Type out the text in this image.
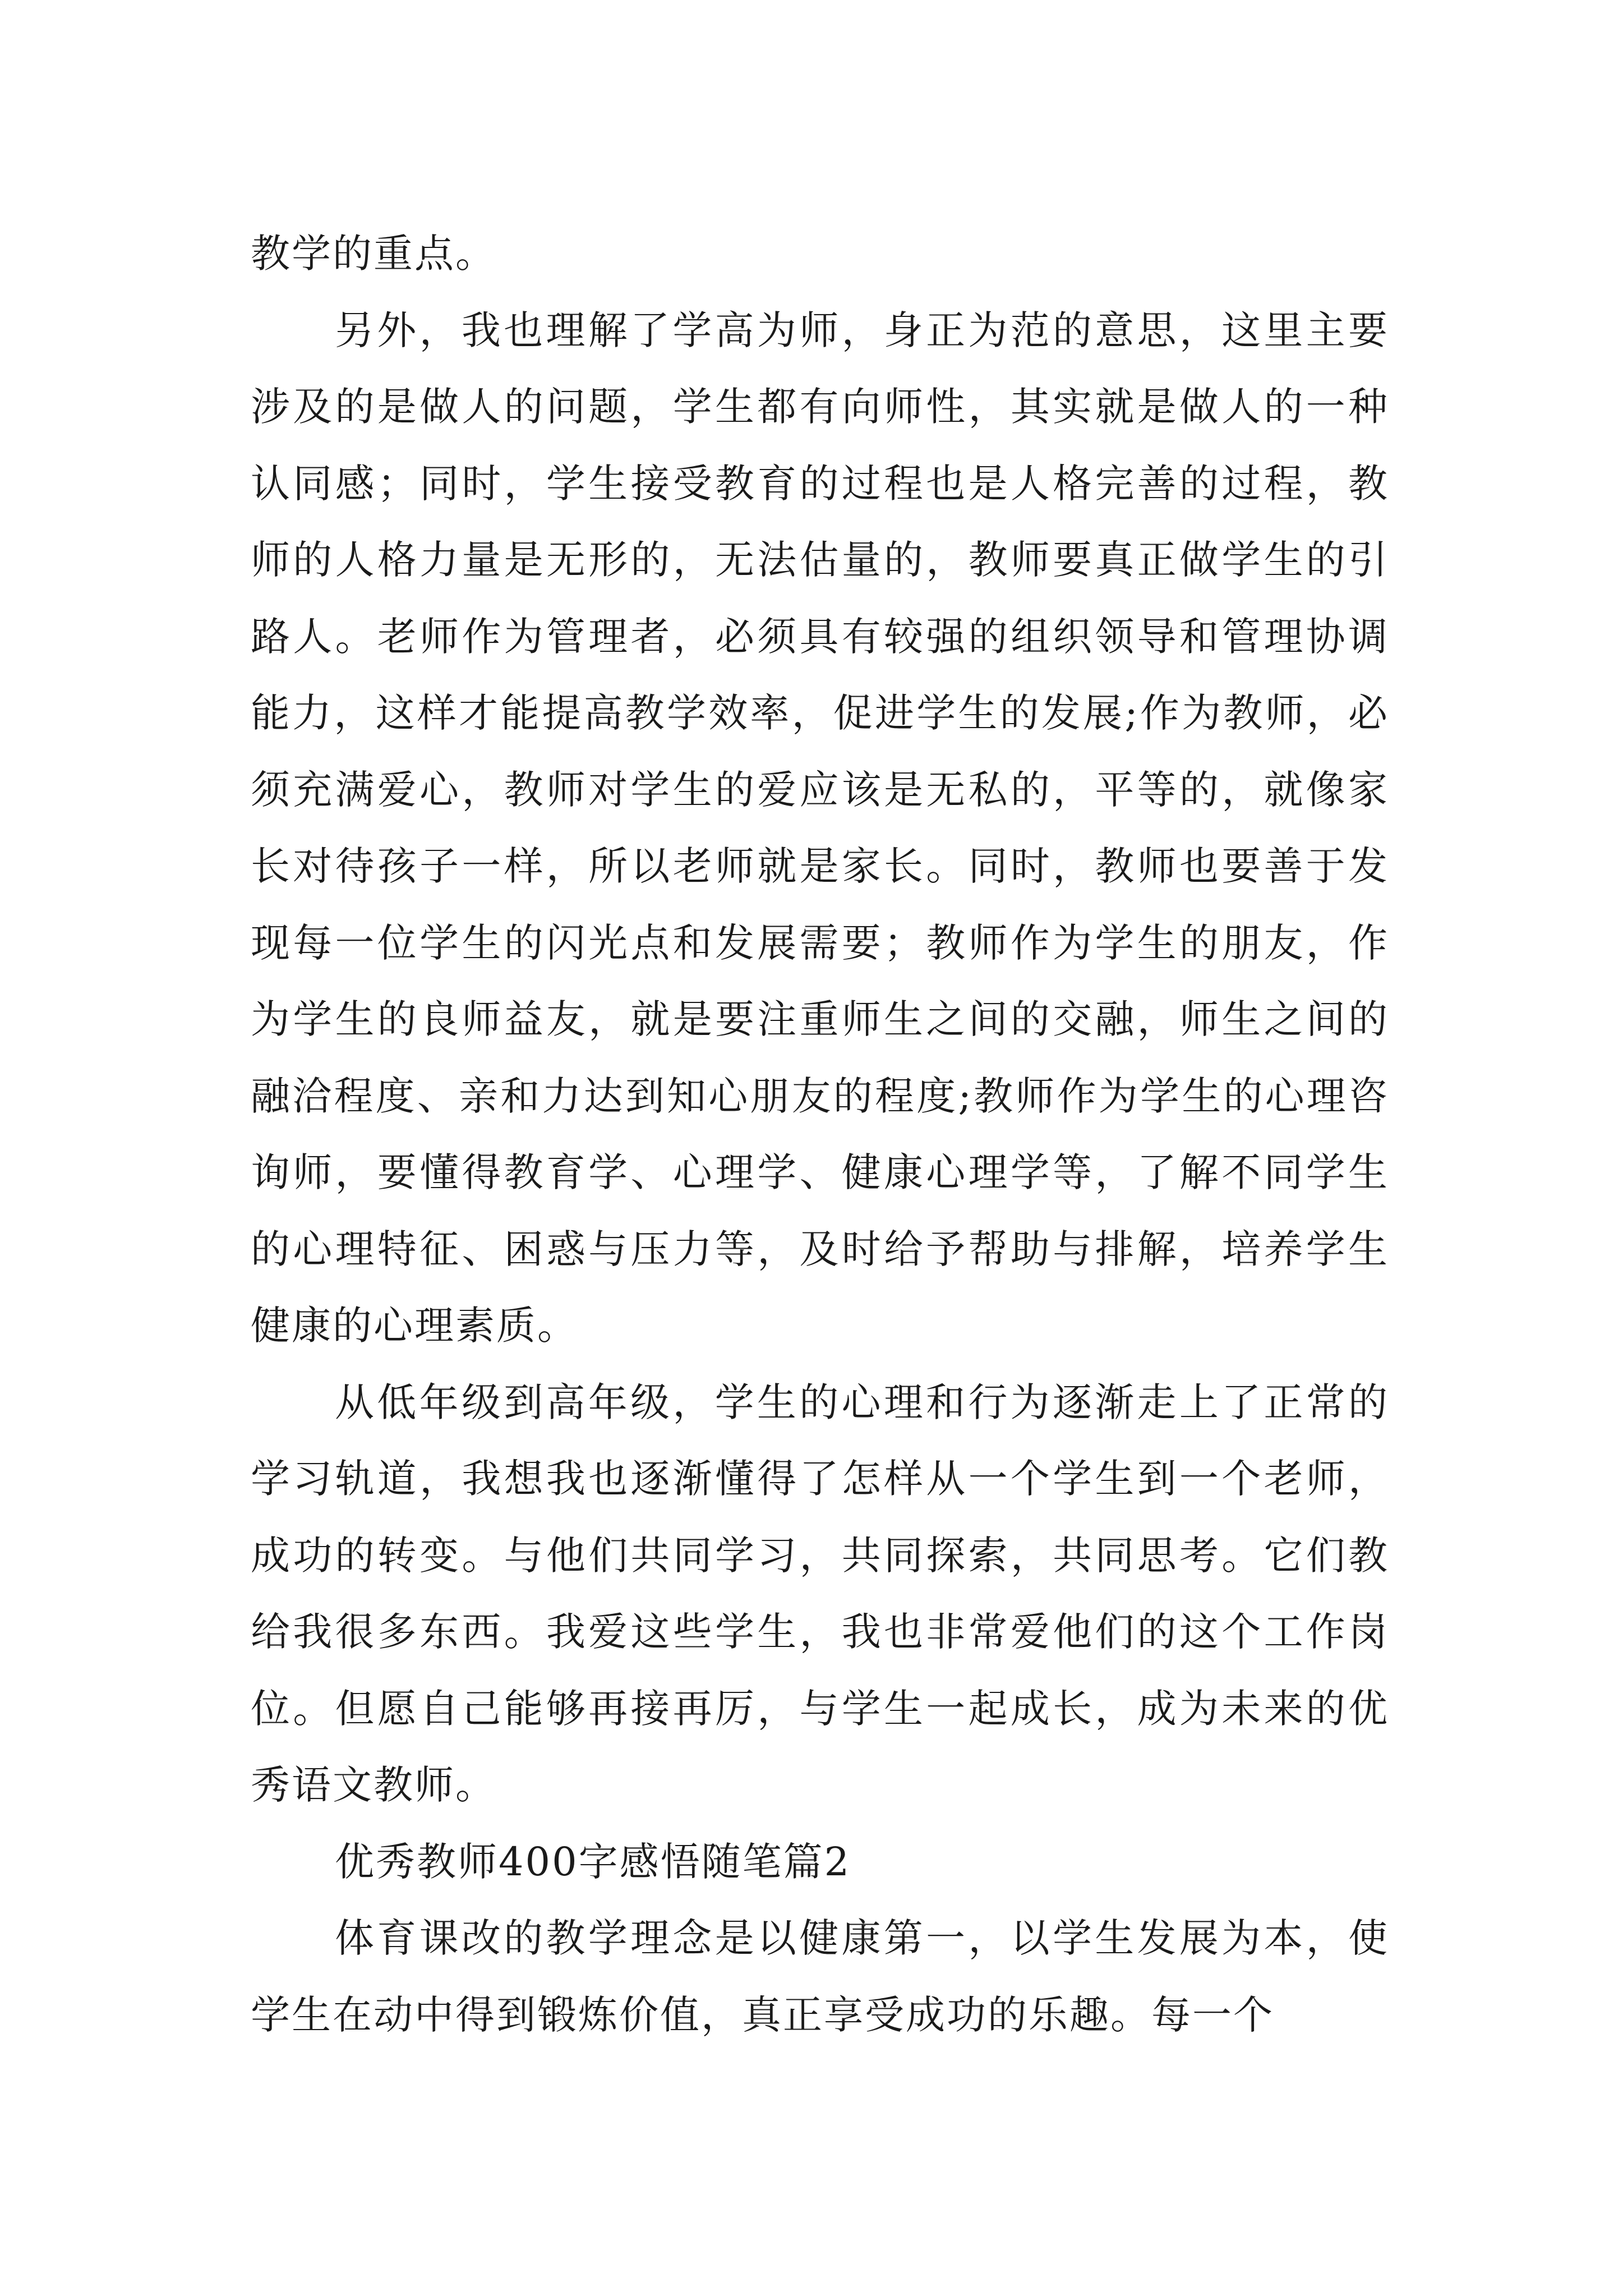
教学的重点。

另外，我也理解了学高为师，身正为范的意思，这里主要涉及的是做人的问题，学生都有向师性，其实就是做人的一种认同感；同时，学生接受教育的过程也是人格完善的过程，教师的人格力量是无形的，无法估量的，教师要真正做学生的引路人。老师作为管理者，必须具有较强的组织领导和管理协调能力，这样才能提高教学效率，促进学生的发展;作为教师，必须充满爱心，教师对学生的爱应该是无私的，平等的，就像家长对待孩子一样，所以老师就是家长。同时，教师也要善于发现每一位学生的闪光点和发展需要；教师作为学生的朋友，作为学生的良师益友，就是要注重师生之间的交融，师生之间的融洽程度、亲和力达到知心朋友的程度;教师作为学生的心理咨询师，要懂得教育学、心理学、健康心理学等，了解不同学生的心理特征、困惑与压力等，及时给予帮助与排解，培养学生健康的心理素质。

从低年级到高年级，学生的心理和行为逐渐走上了正常的学习轨道，我想我也逐渐懂得了怎样从一个学生到一个老师，成功的转变。与他们共同学习，共同探索，共同思考。它们教给我很多东西。我爱这些学生，我也非常爱他们的这个工作岗位。但愿自己能够再接再厉，与学生一起成长，成为未来的优秀语文教师。

优秀教师400字感悟随笔篇2

体育课改的教学理念是以健康第一，以学生发展为本，使学生在动中得到锻炼价值，真正享受成功的乐趣。每一个
